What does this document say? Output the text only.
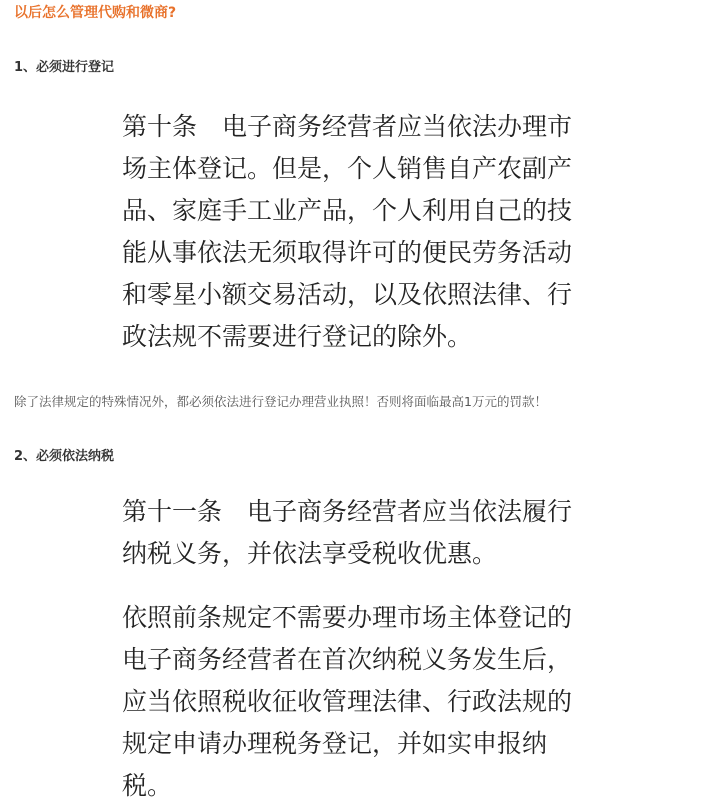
以后怎么管理代购和微商?
1、必须进行登记
第十条　电子商务经营者应当依法办理市
场主体登记。但是，个人销售自产农副产
品、家庭手工业产品，个人利用自己的技
能从事依法无须取得许可的便民劳务活动
和零星小额交易活动，以及依照法律、行
政法规不需要进行登记的除外。
除了法律规定的特殊情况外，都必须依法进行登记办理营业执照！否则将面临最高1万元的罚款！
2、必须依法纳税
第十一条　电子商务经营者应当依法履行
纳税义务，并依法享受税收优惠。
依照前条规定不需要办理市场主体登记的
电子商务经营者在首次纳税义务发生后，
应当依照税收征收管理法律、行政法规的
规定申请办理税务登记，并如实申报纳
税。
